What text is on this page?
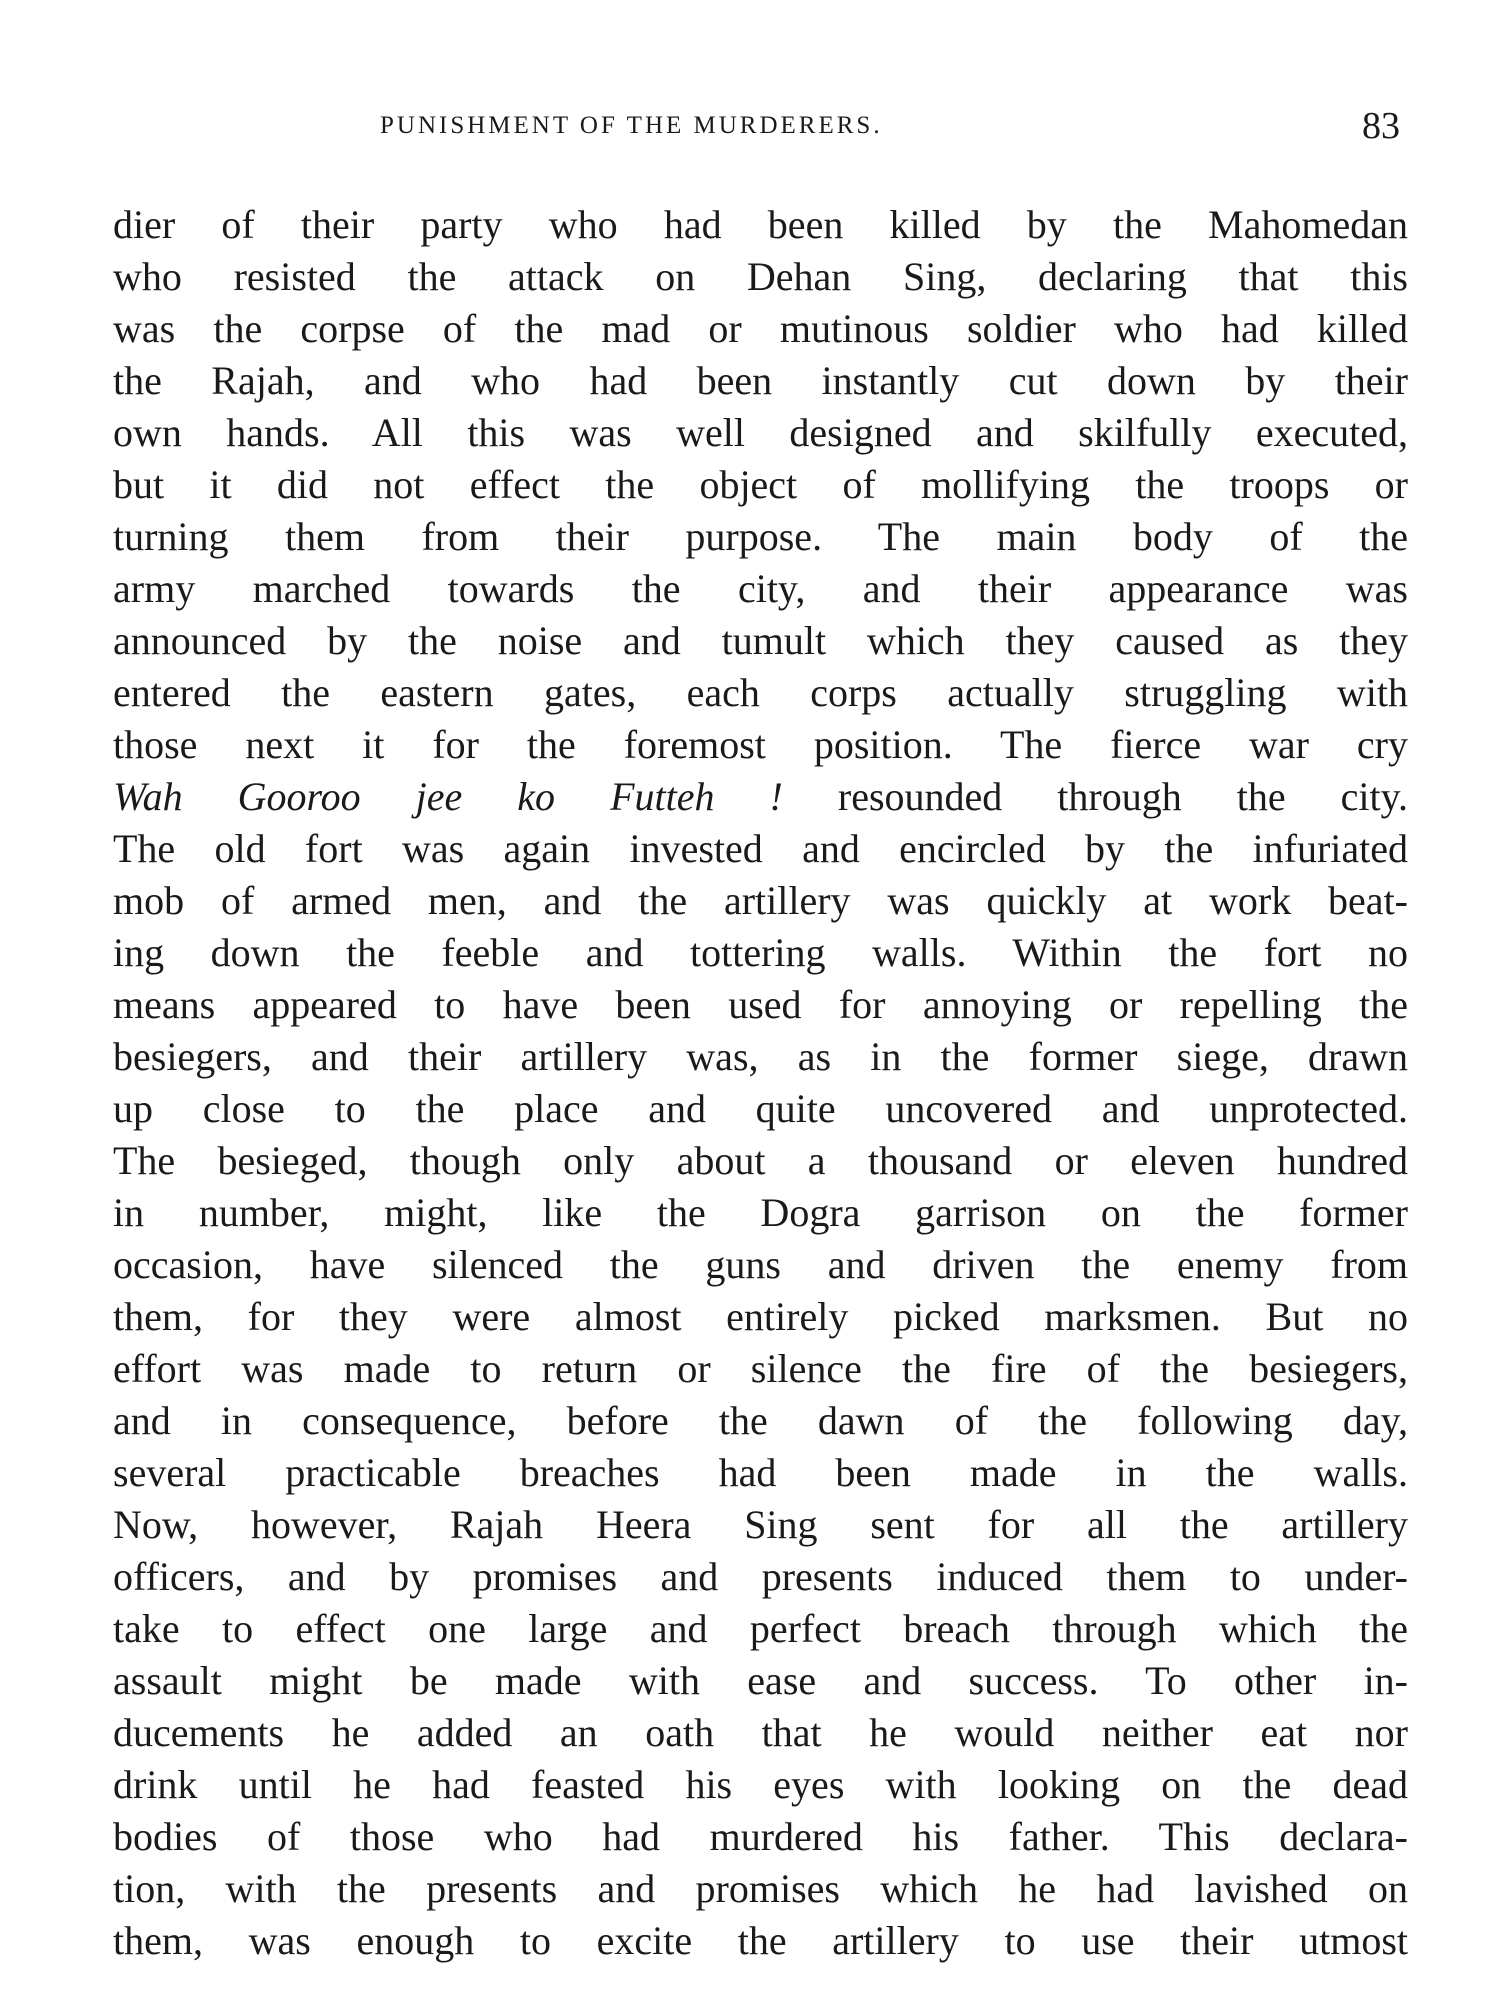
PUNISHMENT OF THE MURDERERS.	83
dier of their party who had been killed by the Mahomedan
who resisted the attack on Dehan Sing, declaring that this
was the corpse of the mad or mutinous soldier who had killed
the Rajah, and who had been instantly cut down by their
own hands. All this was well designed and skilfully executed,
but it did not effect the object of mollifying the troops or
turning them from their purpose. The main body of the
army marched towards the city, and their appearance was
announced by the noise and tumult which they caused as they
entered the eastern gates, each corps actually struggling with
those next it for the foremost position. The fierce war cry
Wah Gooroo jee ko Futteh ! resounded through the city.
The old fort was again invested and encircled by the infuriated
mob of armed men, and the artillery was quickly at work beat-
ing down the feeble and tottering walls. Within the fort no
means appeared to have been used for annoying or repelling the
besiegers, and their artillery was, as in the former siege, drawn
up close to the place and quite uncovered and unprotected.
The besieged, though only about a thousand or eleven hundred
in number, might, like the Dogra garrison on the former
occasion, have silenced the guns and driven the enemy from
them, for they were almost entirely picked marksmen. But no
effort was made to return or silence the fire of the besiegers,
and in consequence, before the dawn of the following day,
several practicable breaches had been made in the walls.
Now, however, Rajah Heera Sing sent for all the artillery
officers, and by promises and presents induced them to under-
take to effect one large and perfect breach through which the
assault might be made with ease and success. To other in-
ducements he added an oath that he would neither eat nor
drink until he had feasted his eyes with looking on the dead
bodies of those who had murdered his father. This declara-
tion, with the presents and promises which he had lavished on
them, was enough to excite the artillery to use their utmost
